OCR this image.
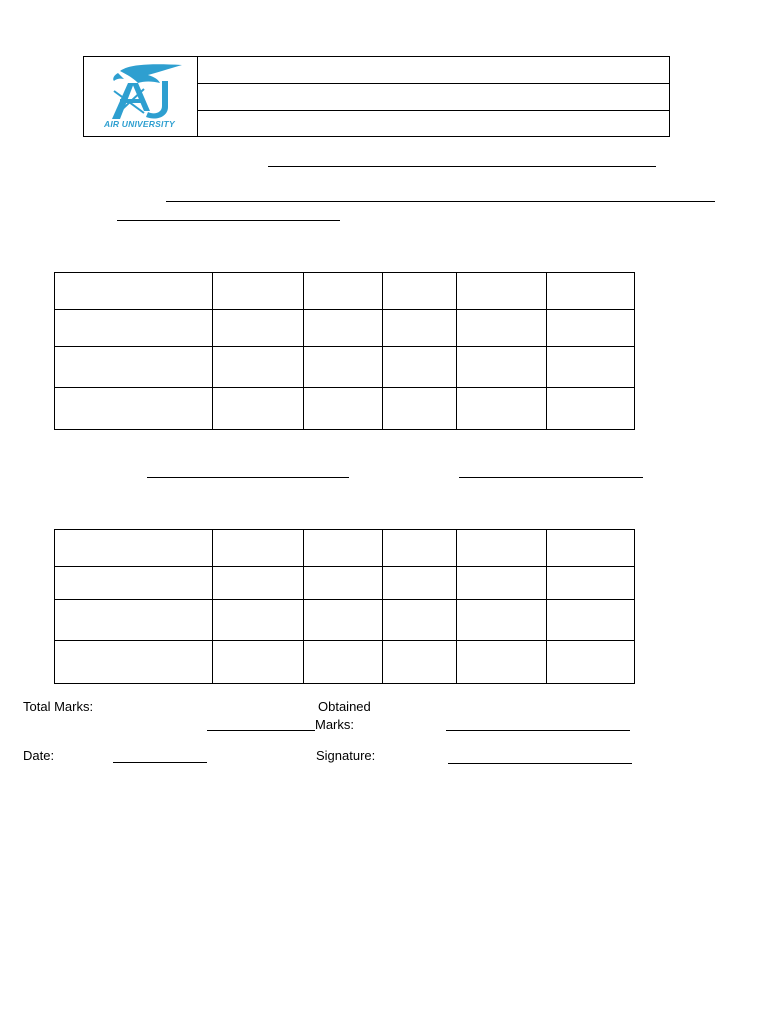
AIR UNIVERSITY

Total Marks:	Obtained
Marks:
Date:	Signature:
